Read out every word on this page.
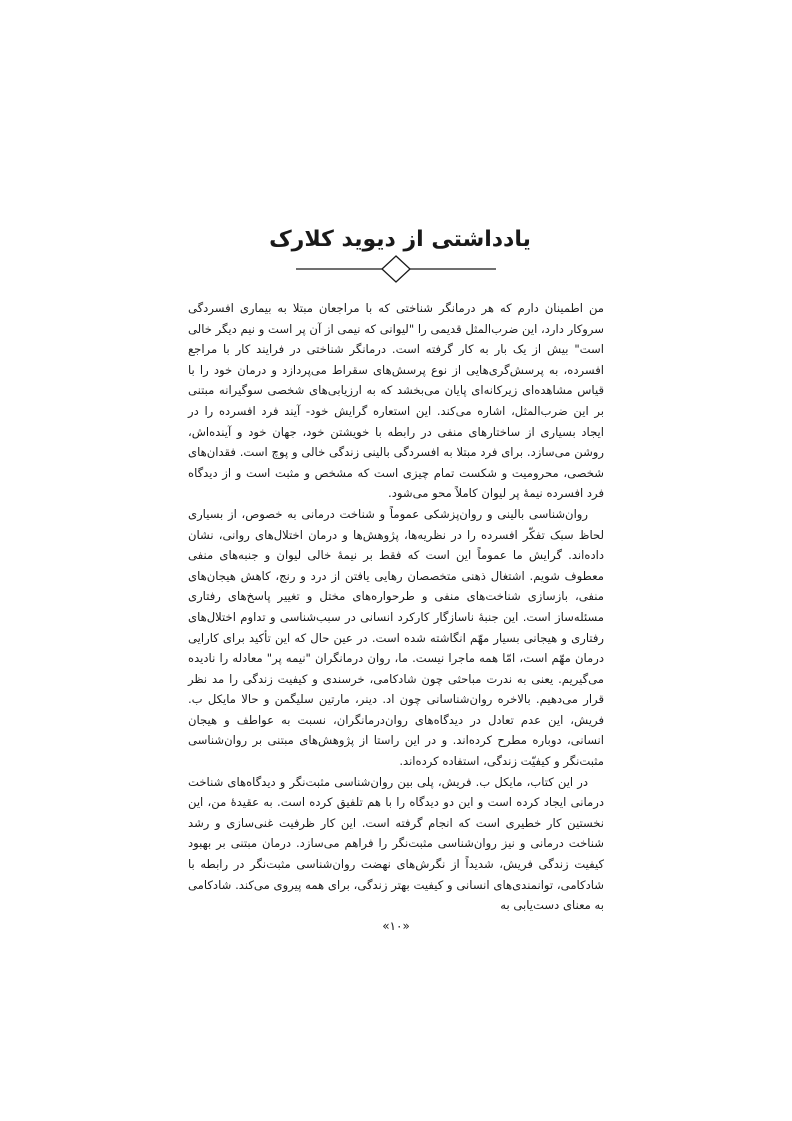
یادداشتی از دیوید کلارک

من اطمینان دارم که هر درمانگر شناختی که با مراجعان مبتلا به بیماری افسردگی سروکار دارد، این ضرب‌المثل قدیمی را "لیوانی که نیمی از آن پر است و نیم دیگر خالی است" بیش از یک بار به کار گرفته است. درمانگر شناختی در فرایند کار با مراجع افسرده، به پرسش‌گری‌هایی از نوع پرسش‌های سقراط می‌پردازد و درمان خود را با قیاس مشاهده‌ای زیرکانه‌ای پایان می‌بخشد که به ارزیابی‌های شخصی سوگیرانه مبتنی بر این ضرب‌المثل، اشاره می‌کند. این استعاره گرایش خود- آیند فرد افسرده را در ایجاد بسیاری از ساختارهای منفی در رابطه با خویشتن خود، جهان خود و آینده‌اش، روشن می‌سازد. برای فرد مبتلا به افسردگی بالینی زندگی خالی و پوچ است. فقدان‌های شخصی، محرومیت و شکست تمام چیزی است که مشخص و مثبت است و از دیدگاه فرد افسرده نیمهٔ پر لیوان کاملاً محو می‌شود.

روان‌شناسی بالینی و روان‌پزشکی عموماً و شناخت درمانی به خصوص، از بسیاری لحاظ سبک تفکّر افسرده را در نظریه‌ها، پژوهش‌ها و درمان اختلال‌های روانی، نشان داده‌اند. گرایش ما عموماً این است که فقط بر نیمهٔ خالی لیوان و جنبه‌های منفی معطوف شویم. اشتغال ذهنی متخصصان رهایی یافتن از درد و رنج، کاهش هیجان‌های منفی، بازسازی شناخت‌های منفی و طرحواره‌های مختل و تغییر پاسخ‌های رفتاری مسئله‌ساز است. این جنبهٔ ناسازگار کارکرد انسانی در سبب‌شناسی و تداوم اختلال‌های رفتاری و هیجانی بسیار مهّم انگاشته شده است. در عین حال که این تأکید برای کارایی درمان مهّم است، امّا همه ماجرا نیست. ما، روان درمانگران "نیمه پر" معادله را نادیده می‌گیریم. یعنی به ندرت مباحثی چون شادکامی، خرسندی و کیفیت زندگی را مد نظر قرار می‌دهیم. بالاخره روان‌شناسانی چون اد. دینر، مارتین سلیگمن و حالا مایکل ب. فریش، این عدم تعادل در دیدگاه‌های روان‌درمانگران، نسبت به عواطف و هیجان انسانی، دوباره مطرح کرده‌اند. و در این راستا از پژوهش‌های مبتنی بر روان‌شناسی مثبت‌نگر و کیفیّت زندگی، استفاده کرده‌اند.

در این کتاب، مایکل ب. فریش، پلی بین روان‌شناسی مثبت‌نگر و دیدگاه‌های شناخت درمانی ایجاد کرده است و این دو دیدگاه را با هم تلفیق کرده است. به عقیدهٔ من، این نخستین کار خطیری است که انجام گرفته است. این کار ظرفیت غنی‌سازی و رشد شناخت درمانی و نیز روان‌شناسی مثبت‌نگر را فراهم می‌سازد. درمان مبتنی بر بهبود کیفیت زندگی فریش، شدیداً از نگرش‌های نهضت روان‌شناسی مثبت‌نگر در رابطه با شادکامی، توانمندی‌های انسانی و کیفیت بهتر زندگی، برای همه پیروی می‌کند. شادکامی به معنای دست‌یابی به

«۱۰»
